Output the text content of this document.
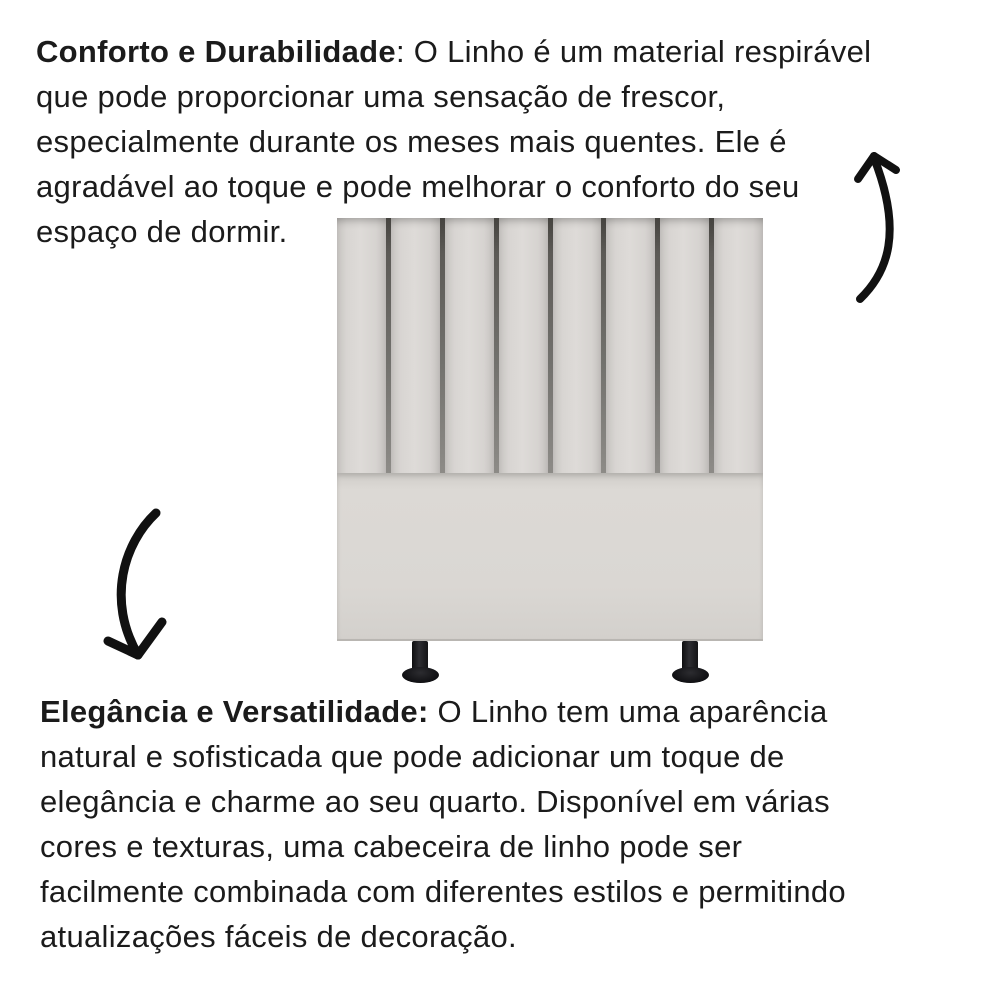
Conforto e Durabilidade: O Linho é um material respirável
que pode proporcionar uma sensação de frescor,
especialmente durante os meses mais quentes. Ele é
agradável ao toque e pode melhorar o conforto do seu
espaço de dormir.
Elegância e Versatilidade: O Linho tem uma aparência
natural e sofisticada que pode adicionar um toque de
elegância e charme ao seu quarto. Disponível em várias
cores e texturas, uma cabeceira de linho pode ser
facilmente combinada com diferentes estilos e permitindo
atualizações fáceis de decoração.
